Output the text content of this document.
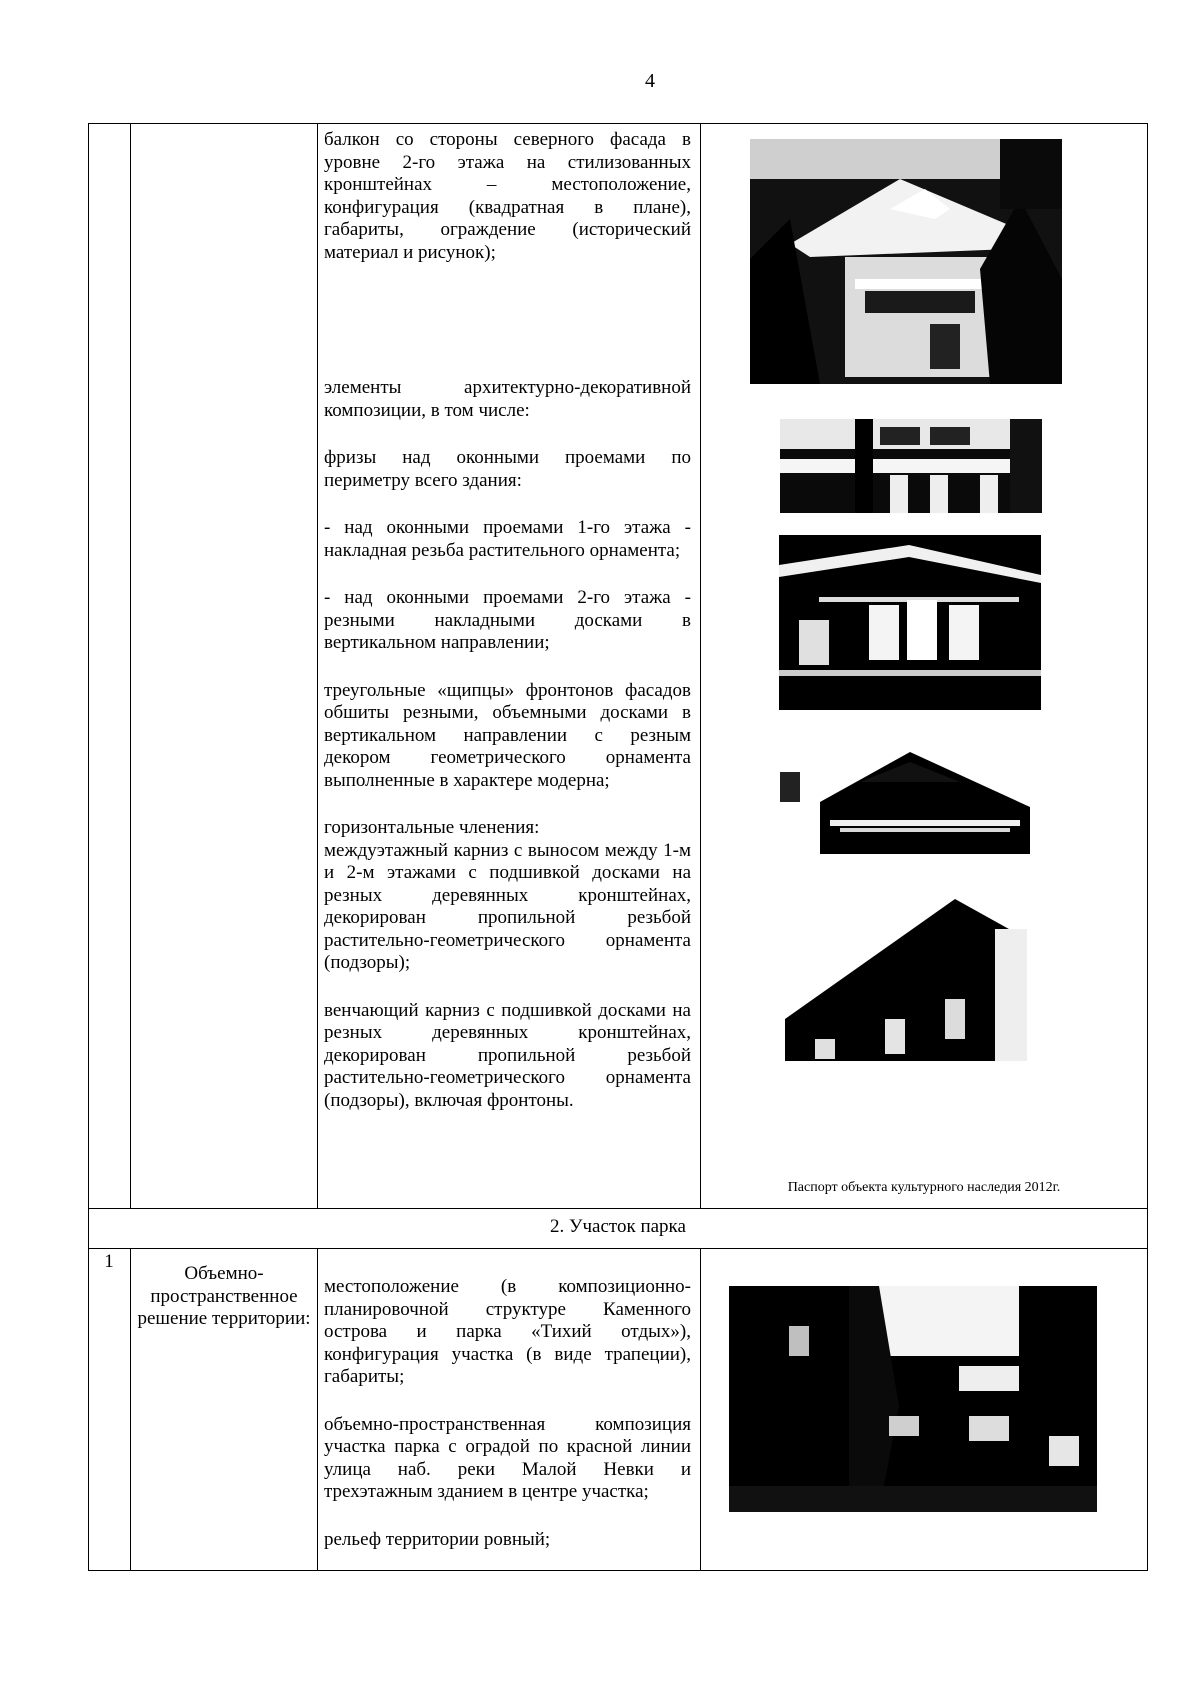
4

балкон со стороны северного фасада в уровне 2-го этажа на стилизованных кронштейнах – местоположение, конфигурация (квадратная в плане), габариты, ограждение (исторический материал и рисунок);

элементы архитектурно-декоративной композиции, в том числе:

фризы над оконными проемами по периметру всего здания:

- над оконными проемами 1-го этажа - накладная резьба растительного орнамента;

- над оконными проемами 2-го этажа - резными накладными досками в вертикальном направлении;

треугольные «щипцы» фронтонов фасадов обшиты резными, объемными досками в вертикальном направлении с резным декором геометрического орнамента выполненные в характере модерна;

горизонтальные членения:

междуэтажный карниз с выносом между 1-м и 2-м этажами с подшивкой досками на резных деревянных кронштейнах, декорирован пропильной резьбой растительно-геометрического орнамента (подзоры);

венчающий карниз с подшивкой досками на резных деревянных кронштейнах, декорирован пропильной резьбой растительно-геометрического орнамента (подзоры), включая фронтоны.

Паспорт объекта культурного наследия 2012г.
2. Участок парка
1
Объемно-пространственное решение территории:

местоположение (в композиционно-планировочной структуре Каменного острова и парка «Тихий отдых»), конфигурация участка (в виде трапеции), габариты;

объемно-пространственная композиция участка парка с оградой по красной линии улица наб. реки Малой Невки и трехэтажным зданием в центре участка;

рельеф территории ровный;
